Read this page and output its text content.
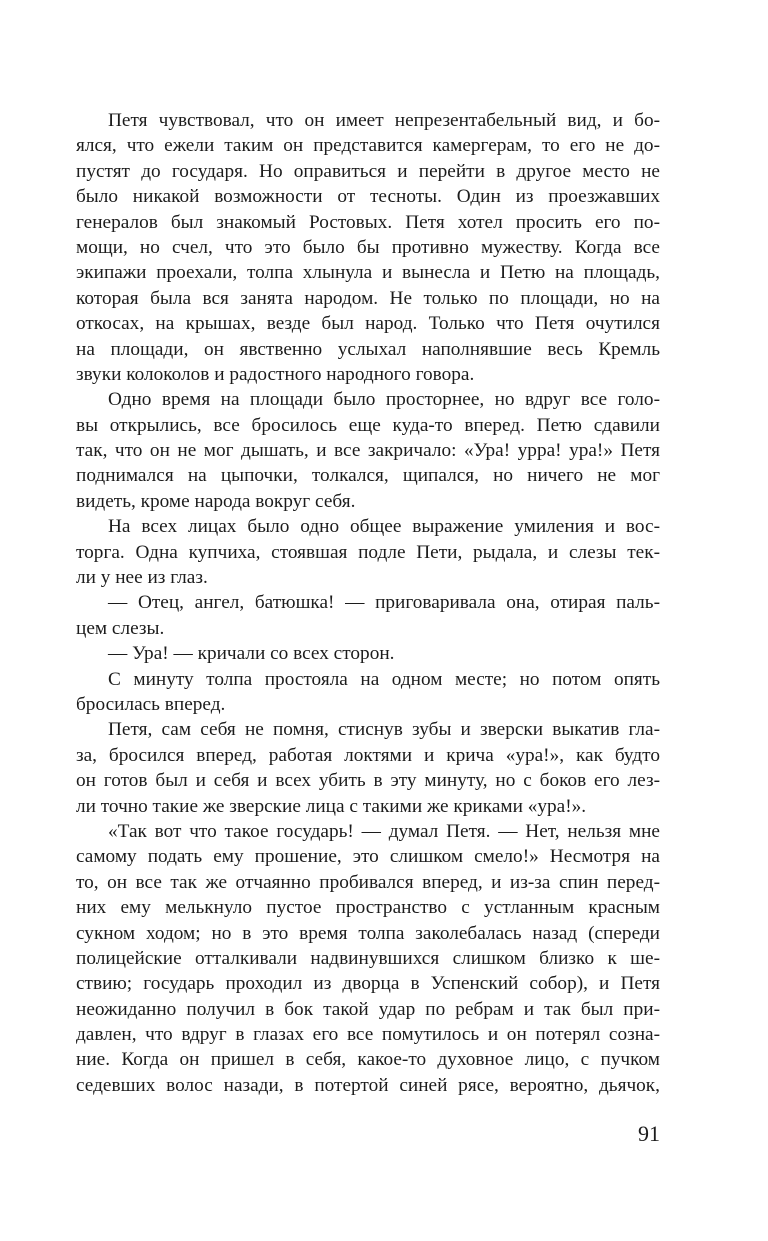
Петя чувствовал, что он имеет непрезентабельный вид, и бо-
ялся, что ежели таким он представится камергерам, то его не до-
пустят до государя. Но оправиться и перейти в другое место не
было никакой возможности от тесноты. Один из проезжавших
генералов был знакомый Ростовых. Петя хотел просить его по-
мощи, но счел, что это было бы противно мужеству. Когда все
экипажи проехали, толпа хлынула и вынесла и Петю на площадь,
которая была вся занята народом. Не только по площади, но на
откосах, на крышах, везде был народ. Только что Петя очутился
на площади, он явственно услыхал наполнявшие весь Кремль
звуки колоколов и радостного народного говора.
Одно время на площади было просторнее, но вдруг все голо-
вы открылись, все бросилось еще куда-то вперед. Петю сдавили
так, что он не мог дышать, и все закричало: «Ура! урра! ура!» Петя
поднимался на цыпочки, толкался, щипался, но ничего не мог
видеть, кроме народа вокруг себя.
На всех лицах было одно общее выражение умиления и вос-
торга. Одна купчиха, стоявшая подле Пети, рыдала, и слезы тек-
ли у нее из глаз.
— Отец, ангел, батюшка! — приговаривала она, отирая паль-
цем слезы.
— Ура! — кричали со всех сторон.
С минуту толпа простояла на одном месте; но потом опять
бросилась вперед.
Петя, сам себя не помня, стиснув зубы и зверски выкатив гла-
за, бросился вперед, работая локтями и крича «ура!», как будто
он готов был и себя и всех убить в эту минуту, но с боков его лез-
ли точно такие же зверские лица с такими же криками «ура!».
«Так вот что такое государь! — думал Петя. — Нет, нельзя мне
самому подать ему прошение, это слишком смело!» Несмотря на
то, он все так же отчаянно пробивался вперед, и из-за спин перед-
них ему мелькнуло пустое пространство с устланным красным
сукном ходом; но в это время толпа заколебалась назад (спереди
полицейские отталкивали надвинувшихся слишком близко к ше-
ствию; государь проходил из дворца в Успенский собор), и Петя
неожиданно получил в бок такой удар по ребрам и так был при-
давлен, что вдруг в глазах его все помутилось и он потерял созна-
ние. Когда он пришел в себя, какое-то духовное лицо, с пучком
седевших волос назади, в потертой синей рясе, вероятно, дьячок,
91
